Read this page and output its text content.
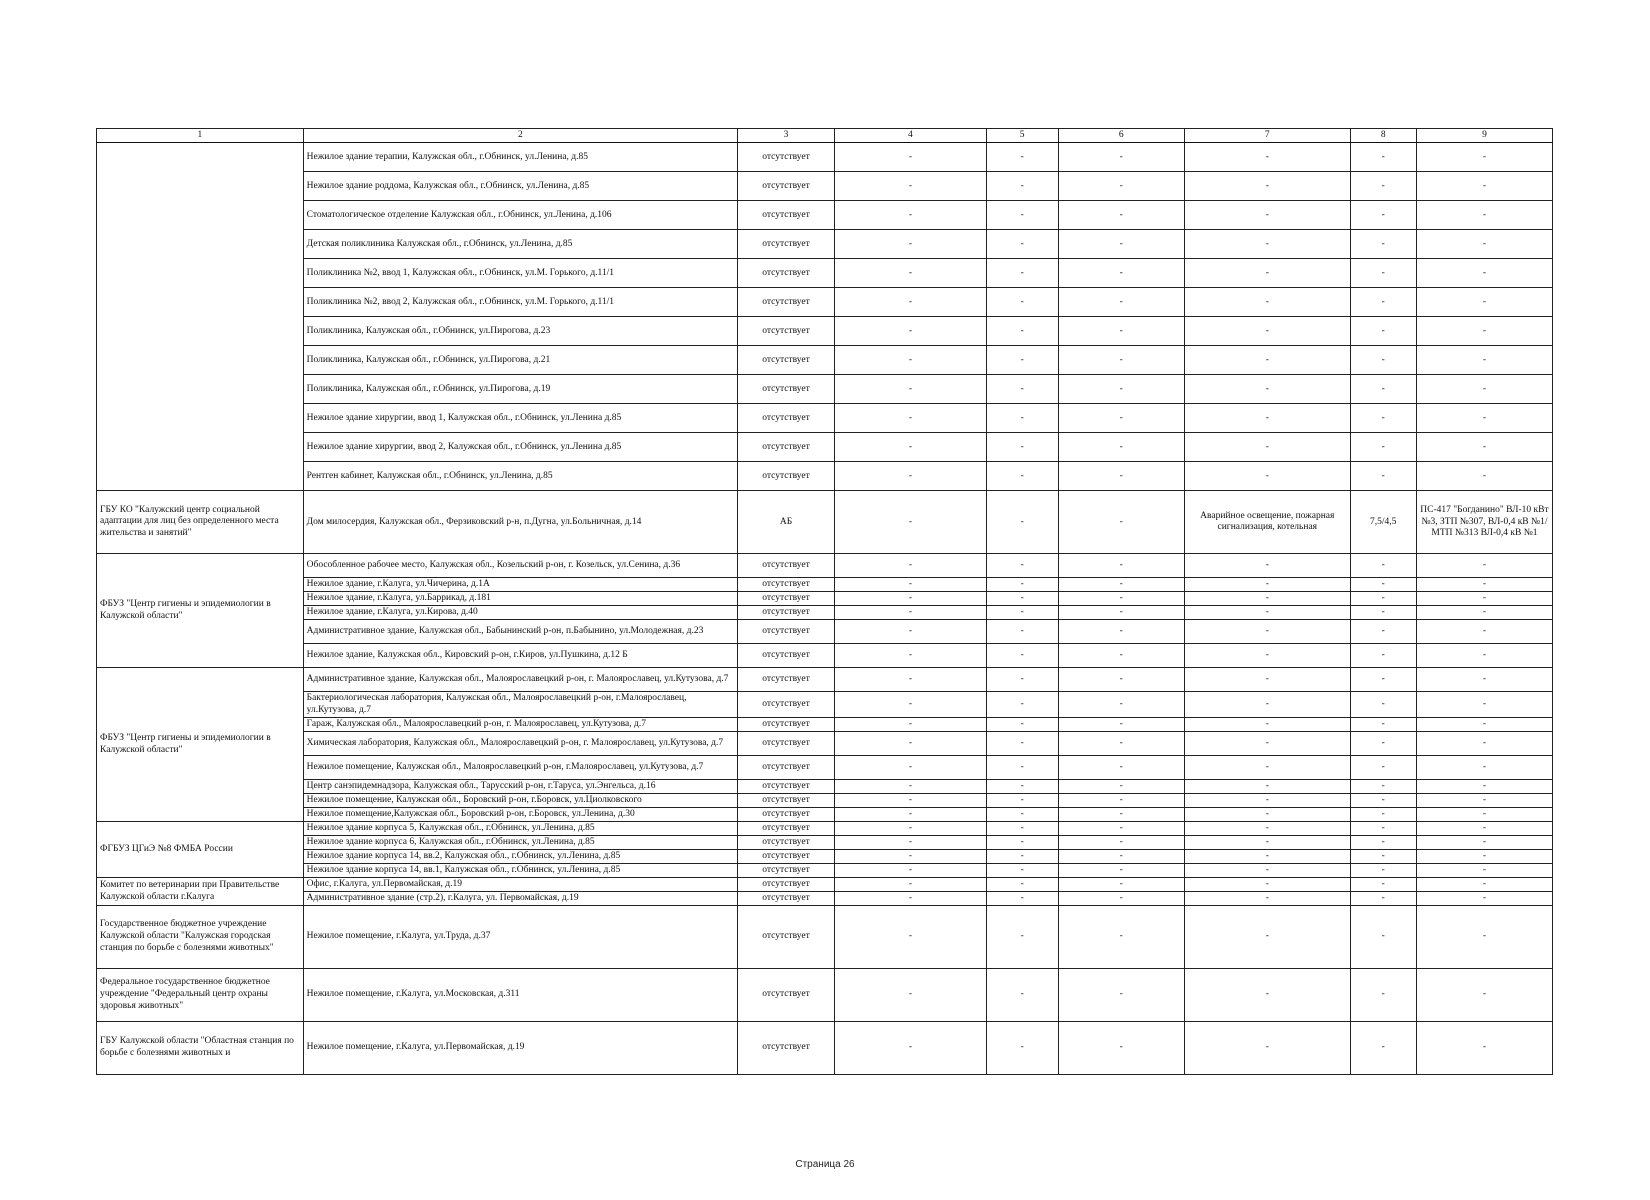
1	2	3	4	5	6	7	8	9
	Нежилое здание терапии, Калужская обл., г.Обнинск, ул.Ленина, д.85	отсутствует	-	-	-	-	-	-
	Нежилое здание роддома, Калужская обл., г.Обнинск, ул.Ленина, д.85	отсутствует	-	-	-	-	-	-
	Стоматологическое отделение Калужская обл., г.Обнинск, ул.Ленина, д.106	отсутствует	-	-	-	-	-	-
	Детская поликлиника Калужская обл., г.Обнинск, ул.Ленина, д.85	отсутствует	-	-	-	-	-	-
	Поликлиника №2, ввод 1, Калужская обл., г.Обнинск, ул.М. Горького, д.11/1	отсутствует	-	-	-	-	-	-
	Поликлиника №2, ввод 2, Калужская обл., г.Обнинск, ул.М. Горького, д.11/1	отсутствует	-	-	-	-	-	-
	Поликлиника, Калужская обл., г.Обнинск, ул.Пирогова, д.23	отсутствует	-	-	-	-	-	-
	Поликлиника, Калужская обл., г.Обнинск, ул.Пирогова, д.21	отсутствует	-	-	-	-	-	-
	Поликлиника, Калужская обл., г.Обнинск, ул.Пирогова, д.19	отсутствует	-	-	-	-	-	-
	Нежилое здание хирургии, ввод 1, Калужская обл., г.Обнинск, ул.Ленина д.85	отсутствует	-	-	-	-	-	-
	Нежилое здание хирургии, ввод 2, Калужская обл., г.Обнинск, ул.Ленина д.85	отсутствует	-	-	-	-	-	-
	Рентген кабинет, Калужская обл., г.Обнинск, ул.Ленина, д.85	отсутствует	-	-	-	-	-	-
ГБУ КО "Калужский центр социальной адаптации для лиц без определенного места жительства и занятий"	Дом милосердия, Калужская обл., Ферзиковский р-н, п.Дугна, ул.Больничная, д.14	АБ	-	-	-	Аварийное освещение, пожарная сигнализация, котельная	7,5/4,5	ПС-417 "Богданино" ВЛ-10 кВт №3, ЗТП №307, ВЛ-0,4 кВ №1/ МТП №313 ВЛ-0,4 кВ №1
ФБУЗ "Центр гигиены и эпидемиологии в Калужской области"	Обособленное рабочее место, Калужская обл., Козельский р-он, г. Козельск, ул.Сенина, д.36	отсутствует	-	-	-	-	-	-
	Нежилое здание, г.Калуга, ул.Чичерина, д.1А	отсутствует	-	-	-	-	-	-
	Нежилое здание, г.Калуга, ул.Баррикад, д.181	отсутствует	-	-	-	-	-	-
	Нежилое здание, г.Калуга, ул.Кирова, д.40	отсутствует	-	-	-	-	-	-
	Административное здание, Калужская обл., Бабынинский р-он, п.Бабынино, ул.Молодежная, д.23	отсутствует	-	-	-	-	-	-
	Нежилое здание, Калужская обл., Кировский р-он, г.Киров, ул.Пушкина, д.12 Б	отсутствует	-	-	-	-	-	-
ФБУЗ "Центр гигиены и эпидемиологии в Калужской области"	Административное здание, Калужская обл., Малоярославецкий р-он, г. Малоярославец, ул.Кутузова, д.7	отсутствует	-	-	-	-	-	-
	Бактериологическая лаборатория, Калужская обл., Малоярославецкий р-он, г.Малоярославец, ул.Кутузова, д.7	отсутствует	-	-	-	-	-	-
	Гараж, Калужская обл., Малоярославецкий р-он, г. Малоярославец, ул.Кутузова, д.7	отсутствует	-	-	-	-	-	-
	Химическая лаборатория, Калужская обл., Малоярославецкий р-он, г. Малоярославец, ул.Кутузова, д.7	отсутствует	-	-	-	-	-	-
	Нежилое помещение, Калужская обл., Малоярославецкий р-он, г.Малоярославец, ул.Кутузова, д.7	отсутствует	-	-	-	-	-	-
	Центр санэпидемнадзора, Калужская обл., Тарусский р-он, г.Таруса, ул.Энгельса, д.16	отсутствует	-	-	-	-	-	-
	Нежилое помещение, Калужская обл., Боровский р-он, г.Боровск, ул.Циолковского	отсутствует	-	-	-	-	-	-
	Нежилое помещение,Калужская обл., Боровский р-он, г.Боровск, ул.Ленина, д.30	отсутствует	-	-	-	-	-	-
ФГБУЗ ЦГиЭ №8 ФМБА России	Нежилое здание корпуса 5, Калужская обл., г.Обнинск, ул.Ленина, д.85	отсутствует	-	-	-	-	-	-
	Нежилое здание корпуса 6, Калужская обл., г.Обнинск, ул.Ленина, д.85	отсутствует	-	-	-	-	-	-
	Нежилое здание корпуса 14, вв.2, Калужская обл., г.Обнинск, ул.Ленина, д.85	отсутствует	-	-	-	-	-	-
	Нежилое здание корпуса 14, вв.1, Калужская обл., г.Обнинск, ул.Ленина, д.85	отсутствует	-	-	-	-	-	-
Комитет по ветеринарии при Правительстве Калужской области г.Калуга	Офис, г.Калуга, ул.Первомайская, д.19	отсутствует	-	-	-	-	-	-
	Административное здание (стр.2), г.Калуга, ул. Первомайская, д.19	отсутствует	-	-	-	-	-	-
Государственное бюджетное учреждение Калужской области "Калужская городская станция по борьбе с болезнями животных"	Нежилое помещение, г.Калуга, ул.Труда, д.37	отсутствует	-	-	-	-	-	-
Федеральное государственное бюджетное учреждение "Федеральный центр охраны здоровья животных"	Нежилое помещение, г.Калуга, ул.Московская, д.311	отсутствует	-	-	-	-	-	-
ГБУ Калужской области "Областная станция по борьбе с болезнями животных и	Нежилое помещение, г.Калуга, ул.Первомайская, д.19	отсутствует	-	-	-	-	-	-
Страница 26
